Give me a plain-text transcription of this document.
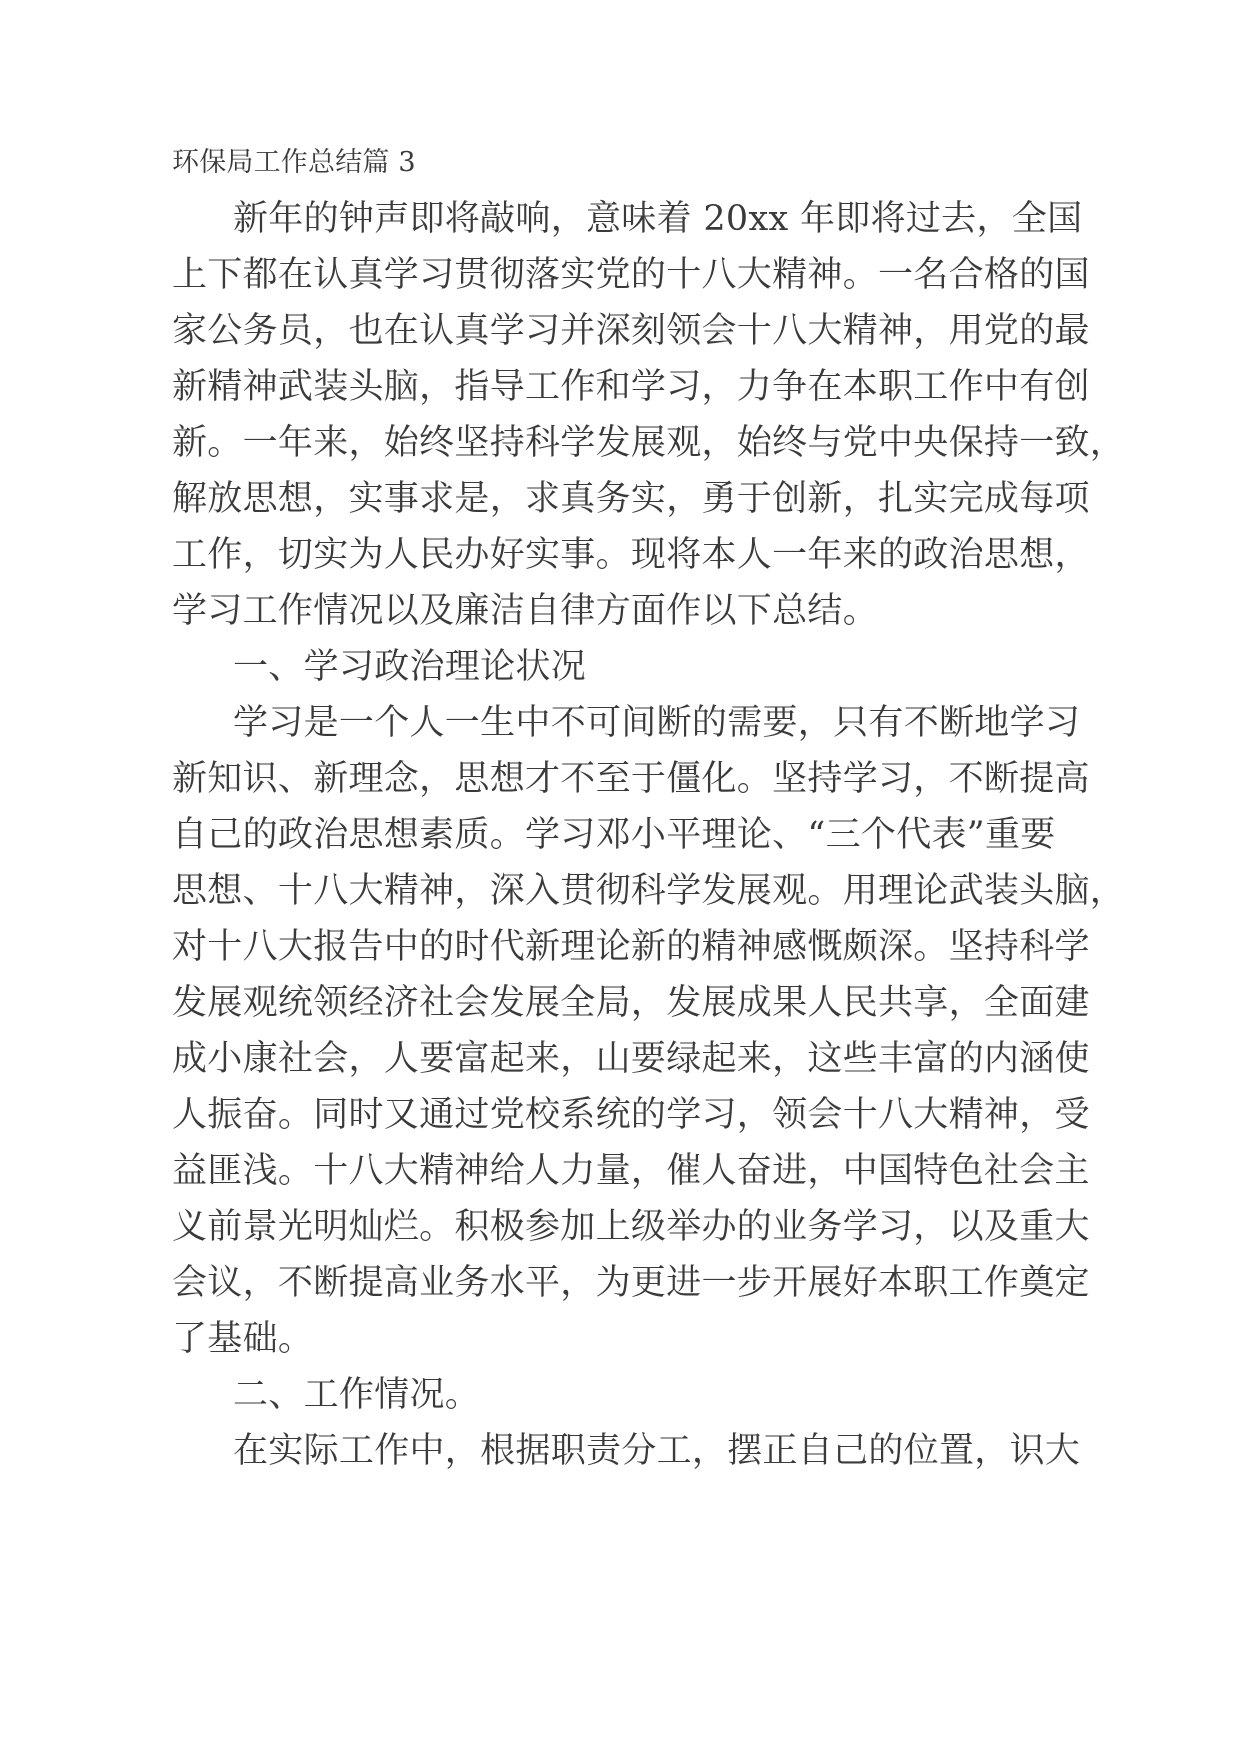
环保局工作总结篇 3
新年的钟声即将敲响，意味着 20xx 年即将过去，全国
上下都在认真学习贯彻落实党的十八大精神。一名合格的国
家公务员，也在认真学习并深刻领会十八大精神，用党的最
新精神武装头脑，指导工作和学习，力争在本职工作中有创
新。一年来，始终坚持科学发展观，始终与党中央保持一致，
解放思想，实事求是，求真务实，勇于创新，扎实完成每项
工作，切实为人民办好实事。现将本人一年来的政治思想，
学习工作情况以及廉洁自律方面作以下总结。
一、学习政治理论状况
学习是一个人一生中不可间断的需要，只有不断地学习
新知识、新理念，思想才不至于僵化。坚持学习，不断提高
自己的政治思想素质。学习邓小平理论、“三个代表”重要
思想、十八大精神，深入贯彻科学发展观。用理论武装头脑，
对十八大报告中的时代新理论新的精神感慨颇深。坚持科学
发展观统领经济社会发展全局，发展成果人民共享，全面建
成小康社会，人要富起来，山要绿起来，这些丰富的内涵使
人振奋。同时又通过党校系统的学习，领会十八大精神，受
益匪浅。十八大精神给人力量，催人奋进，中国特色社会主
义前景光明灿烂。积极参加上级举办的业务学习，以及重大
会议，不断提高业务水平，为更进一步开展好本职工作奠定
了基础。
二、工作情况。
在实际工作中，根据职责分工，摆正自己的位置，识大
